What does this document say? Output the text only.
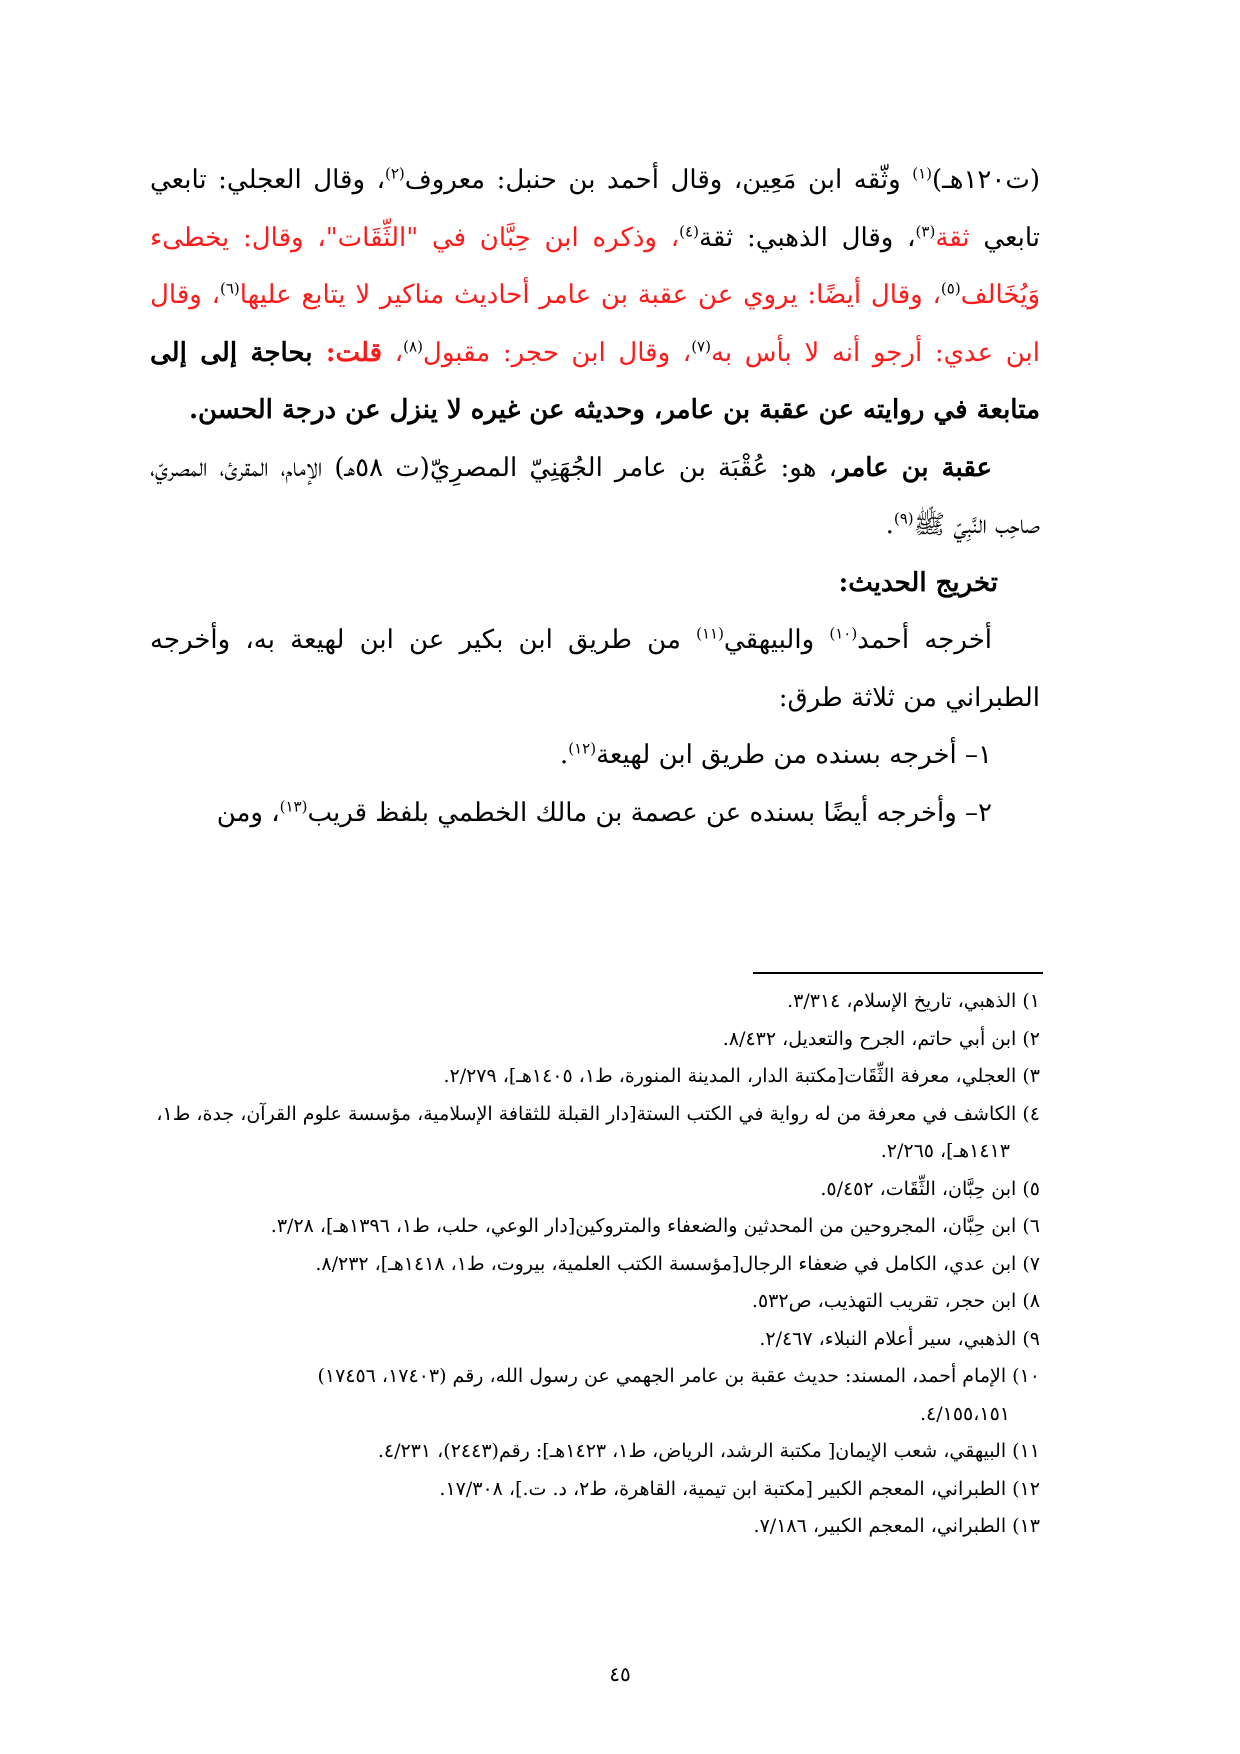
(ت١٢٠هـ)$^{(١)}$ وثّقه ابن مَعِين، وقال أحمد بن حنبل: معروف$^{(٢)}$، وقال العجلي: تابعي تابعي ثقة$^{(٣)}$، وقال الذهبي: ثقة$^{(٤)}$، وذكره ابن حِبَّان في "الثِّقَات"، وقال: يخطىء وَيُخَالف$^{(٥)}$، وقال أيضًا: يروي عن عقبة بن عامر أحاديث مناكير لا يتابع عليها$^{(٦)}$، وقال ابن عدي: أرجو أنه لا بأس به$^{(٧)}$، وقال ابن حجر: مقبول$^{(٨)}$، قلت: بحاجة إلى إلى متابعة في روايته عن عقبة بن عامر، وحديثه عن غيره لا ينزل عن درجة الحسن.

عقبة بن عامر، هو: عُقْبَة بن عامر الجُهَنِيّ المصرِيّ(ت ٥٨هـ) الإمام، المقرئ، المصريّ، صاحِب النَّبِيّ ﷺ$^{(٩)}$.

تخريج الحديث:

أخرجه أحمد$^{(١٠)}$ والبيهقي$^{(١١)}$ من طريق ابن بكير عن ابن لهيعة به، وأخرجه الطبراني من ثلاثة طرق:

١– أخرجه بسنده من طريق ابن لهيعة$^{(١٢)}$.

٢– وأخرجه أيضًا بسنده عن عصمة بن مالك الخطمي بلفظ قريب$^{(١٣)}$، ومن

١) الذهبي، تاريخ الإسلام، ٣/٣١٤.

٢) ابن أبي حاتم، الجرح والتعديل، ٨/٤٣٢.

٣) العجلي، معرفة الثِّقَات[مكتبة الدار، المدينة المنورة، ط١، ١٤٠٥هـ]، ٢/٢٧٩.

٤) الكاشف في معرفة من له رواية في الكتب الستة[دار القبلة للثقافة الإسلامية، مؤسسة علوم القرآن، جدة، ط١،

١٤١٣هـ]، ٢/٢٦٥.

٥) ابن حِبَّان، الثِّقَات، ٥/٤٥٢.

٦) ابن حِبَّان، المجروحين من المحدثين والضعفاء والمتروكين[دار الوعي، حلب، ط١، ١٣٩٦هـ]، ٣/٢٨.

٧) ابن عدي، الكامل في ضعفاء الرجال[مؤسسة الكتب العلمية، بيروت، ط١، ١٤١٨هـ]، ٨/٢٣٢.

٨) ابن حجر، تقريب التهذيب، ص٥٣٢.

٩) الذهبي، سير أعلام النبلاء، ٢/٤٦٧.

١٠) الإمام أحمد، المسند: حديث عقبة بن عامر الجهمي عن رسول الله، رقم (١٧٤٠٣، ١٧٤٥٦)

٤/١٥٥،١٥١.

١١) البيهقي، شعب الإيمان[ مكتبة الرشد، الرياض، ط١، ١٤٢٣هـ]: رقم(٢٤٤٣)، ٤/٢٣١.

١٢) الطبراني، المعجم الكبير [مكتبة ابن تيمية، القاهرة، ط٢، د. ت.]، ١٧/٣٠٨.

١٣) الطبراني، المعجم الكبير، ٧/١٨٦.

٤٥
